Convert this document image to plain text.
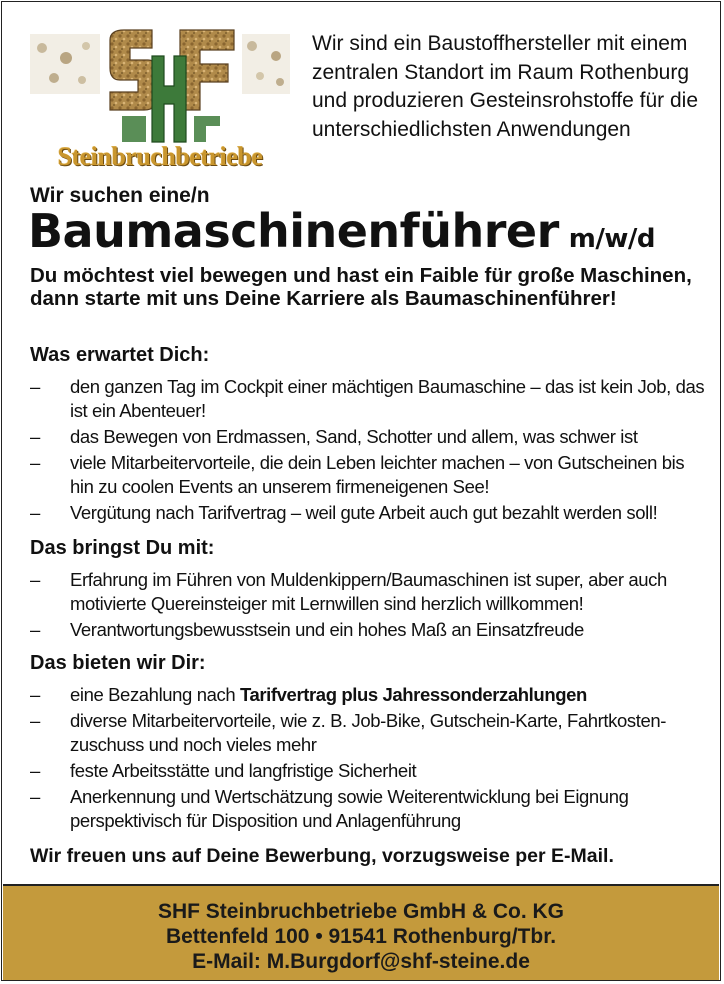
Steinbruchbetriebe
Wir sind ein Baustoffhersteller mit einem zentralen Standort im Raum Rothenburg und produzieren Gesteinsrohstoffe für die unterschiedlichsten Anwendungen
Wir suchen eine/n
Baumaschinenführer m/w/d
Du möchtest viel bewegen und hast ein Faible für große Maschinen, dann starte mit uns Deine Karriere als Baumaschinenführer!
Was erwartet Dich:
– den ganzen Tag im Cockpit einer mächtigen Baumaschine – das ist kein Job, das ist ein Abenteuer!
– das Bewegen von Erdmassen, Sand, Schotter und allem, was schwer ist
– viele Mitarbeitervorteile, die dein Leben leichter machen – von Gutscheinen bis hin zu coolen Events an unserem firmeneigenen See!
– Vergütung nach Tarifvertrag – weil gute Arbeit auch gut bezahlt werden soll!
Das bringst Du mit:
– Erfahrung im Führen von Muldenkippern/Baumaschinen ist super, aber auch motivierte Quereinsteiger mit Lernwillen sind herzlich willkommen!
– Verantwortungsbewusstsein und ein hohes Maß an Einsatzfreude
Das bieten wir Dir:
– eine Bezahlung nach Tarifvertrag plus Jahressonderzahlungen
– diverse Mitarbeitervorteile, wie z. B. Job-Bike, Gutschein-Karte, Fahrtkosten-zuschuss und noch vieles mehr
– feste Arbeitsstätte und langfristige Sicherheit
– Anerkennung und Wertschätzung sowie Weiterentwicklung bei Eignung perspektivisch für Disposition und Anlagenführung
Wir freuen uns auf Deine Bewerbung, vorzugsweise per E-Mail.
SHF Steinbruchbetriebe GmbH & Co. KG
Bettenfeld 100 • 91541 Rothenburg/Tbr.
E-Mail: M.Burgdorf@shf-steine.de
